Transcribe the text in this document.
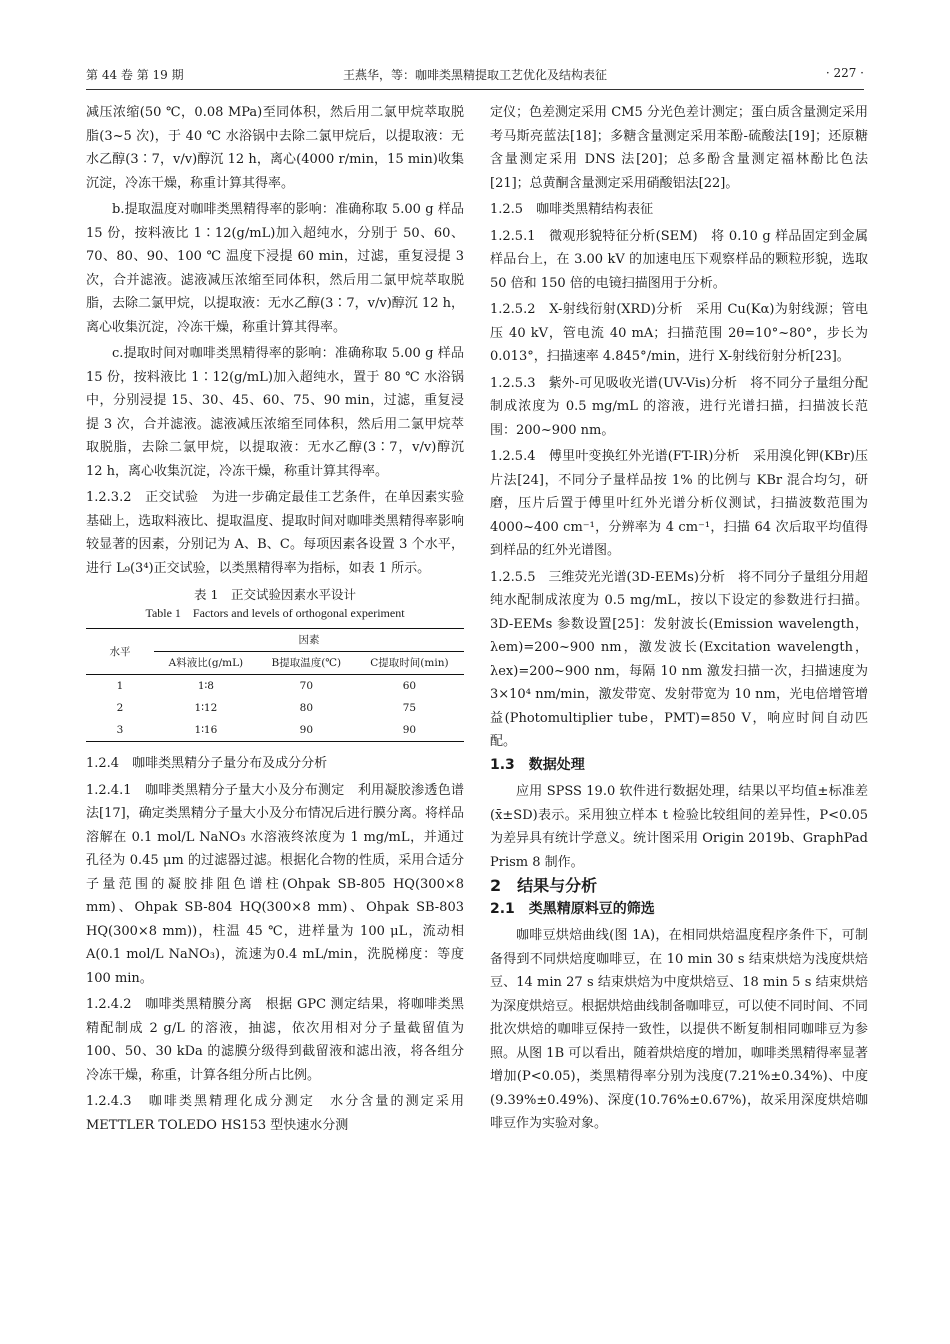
第 44 卷 第 19 期	王燕华，等：咖啡类黑精提取工艺优化及结构表征	· 227 ·

减压浓缩(50 ℃，0.08 MPa)至同体积，然后用二氯甲烷萃取脱脂(3~5 次)，于 40 ℃ 水浴锅中去除二氯甲烷后，以提取液：无水乙醇(3∶7，v/v)醇沉 12 h，离心(4000 r/min，15 min)收集沉淀，冷冻干燥，称重计算其得率。

b.提取温度对咖啡类黑精得率的影响：准确称取 5.00 g 样品 15 份，按料液比 1∶12(g/mL)加入超纯水，分别于 50、60、70、80、90、100 ℃ 温度下浸提 60 min，过滤，重复浸提 3 次，合并滤液。滤液减压浓缩至同体积，然后用二氯甲烷萃取脱脂，去除二氯甲烷，以提取液：无水乙醇(3∶7，v/v)醇沉 12 h，离心收集沉淀，冷冻干燥，称重计算其得率。

c.提取时间对咖啡类黑精得率的影响：准确称取 5.00 g 样品 15 份，按料液比 1∶12(g/mL)加入超纯水，置于 80 ℃ 水浴锅中，分别浸提 15、30、45、60、75、90 min，过滤，重复浸提 3 次，合并滤液。滤液减压浓缩至同体积，然后用二氯甲烷萃取脱脂，去除二氯甲烷，以提取液：无水乙醇(3∶7，v/v)醇沉 12 h，离心收集沉淀，冷冻干燥，称重计算其得率。

1.2.3.2　正交试验　为进一步确定最佳工艺条件，在单因素实验基础上，选取料液比、提取温度、提取时间对咖啡类黑精得率影响较显著的因素，分别记为 A、B、C。每项因素各设置 3 个水平，进行 L₉(3⁴)正交试验，以类黑精得率为指标，如表 1 所示。

表 1　正交试验因素水平设计
Table 1　Factors and levels of orthogonal experiment
水平	因素		
	A料液比(g/mL)	B提取温度(℃)	C提取时间(min)
1	1∶8	70	60
2	1∶12	80	75
3	1∶16	90	90

1.2.4　咖啡类黑精分子量分布及成分分析

1.2.4.1　咖啡类黑精分子量大小及分布测定　利用凝胶渗透色谱法[17]，确定类黑精分子量大小及分布情况后进行膜分离。将样品溶解在 0.1 mol/L NaNO₃ 水溶液终浓度为 1 mg/mL，并通过孔径为 0.45 μm 的过滤器过滤。根据化合物的性质，采用合适分子量范围的凝胶排阻色谱柱(Ohpak SB-805 HQ(300×8 mm)、Ohpak SB-804 HQ(300×8 mm)、Ohpak SB-803 HQ(300×8 mm))，柱温 45 ℃，进样量为 100 μL，流动相 A(0.1 mol/L NaNO₃)，流速为0.4 mL/min，洗脱梯度：等度 100 min。

1.2.4.2　咖啡类黑精膜分离　根据 GPC 测定结果，将咖啡类黑精配制成 2 g/L 的溶液，抽滤，依次用相对分子量截留值为 100、50、30 kDa 的滤膜分级得到截留液和滤出液，将各组分冷冻干燥，称重，计算各组分所占比例。

1.2.4.3　咖啡类黑精理化成分测定　水分含量的测定采用 METTLER TOLEDO HS153 型快速水分测

定仪；色差测定采用 CM5 分光色差计测定；蛋白质含量测定采用考马斯亮蓝法[18]；多糖含量测定采用苯酚-硫酸法[19]；还原糖含量测定采用 DNS 法[20]；总多酚含量测定福林酚比色法[21]；总黄酮含量测定采用硝酸铝法[22]。

1.2.5　咖啡类黑精结构表征

1.2.5.1　微观形貌特征分析(SEM)　将 0.10 g 样品固定到金属样品台上，在 3.00 kV 的加速电压下观察样品的颗粒形貌，选取 50 倍和 150 倍的电镜扫描图用于分析。

1.2.5.2　X-射线衍射(XRD)分析　采用 Cu(Kα)为射线源；管电压 40 kV，管电流 40 mA；扫描范围 2θ=10°~80°，步长为 0.013°，扫描速率 4.845°/min，进行 X-射线衍射分析[23]。

1.2.5.3　紫外-可见吸收光谱(UV-Vis)分析　将不同分子量组分配制成浓度为 0.5 mg/mL 的溶液，进行光谱扫描，扫描波长范围：200~900 nm。

1.2.5.4　傅里叶变换红外光谱(FT-IR)分析　采用溴化钾(KBr)压片法[24]，不同分子量样品按 1% 的比例与 KBr 混合均匀，研磨，压片后置于傅里叶红外光谱分析仪测试，扫描波数范围为 4000~400 cm⁻¹，分辨率为 4 cm⁻¹，扫描 64 次后取平均值得到样品的红外光谱图。

1.2.5.5　三维荧光光谱(3D-EEMs)分析　将不同分子量组分用超纯水配制成浓度为 0.5 mg/mL，按以下设定的参数进行扫描。3D-EEMs 参数设置[25]：发射波长(Emission wavelength，λem)=200~900 nm，激发波长(Excitation wavelength，λex)=200~900 nm，每隔 10 nm 激发扫描一次，扫描速度为 3×10⁴ nm/min，激发带宽、发射带宽为 10 nm，光电倍增管增益(Photomultiplier tube，PMT)=850 V，响应时间自动匹配。

1.3　数据处理

应用 SPSS 19.0 软件进行数据处理，结果以平均值±标准差(x̄±SD)表示。采用独立样本 t 检验比较组间的差异性，P<0.05 为差异具有统计学意义。统计图采用 Origin 2019b、GraphPad Prism 8 制作。

2　结果与分析

2.1　类黑精原料豆的筛选

咖啡豆烘焙曲线(图 1A)，在相同烘焙温度程序条件下，可制备得到不同烘焙度咖啡豆，在 10 min 30 s 结束烘焙为浅度烘焙豆、14 min 27 s 结束烘焙为中度烘焙豆、18 min 5 s 结束烘焙为深度烘焙豆。根据烘焙曲线制备咖啡豆，可以使不同时间、不同批次烘焙的咖啡豆保持一致性，以提供不断复制相同咖啡豆为参照。从图 1B 可以看出，随着烘焙度的增加，咖啡类黑精得率显著增加(P<0.05)，类黑精得率分别为浅度(7.21%±0.34%)、中度(9.39%±0.49%)、深度(10.76%±0.67%)，故采用深度烘焙咖啡豆作为实验对象。
